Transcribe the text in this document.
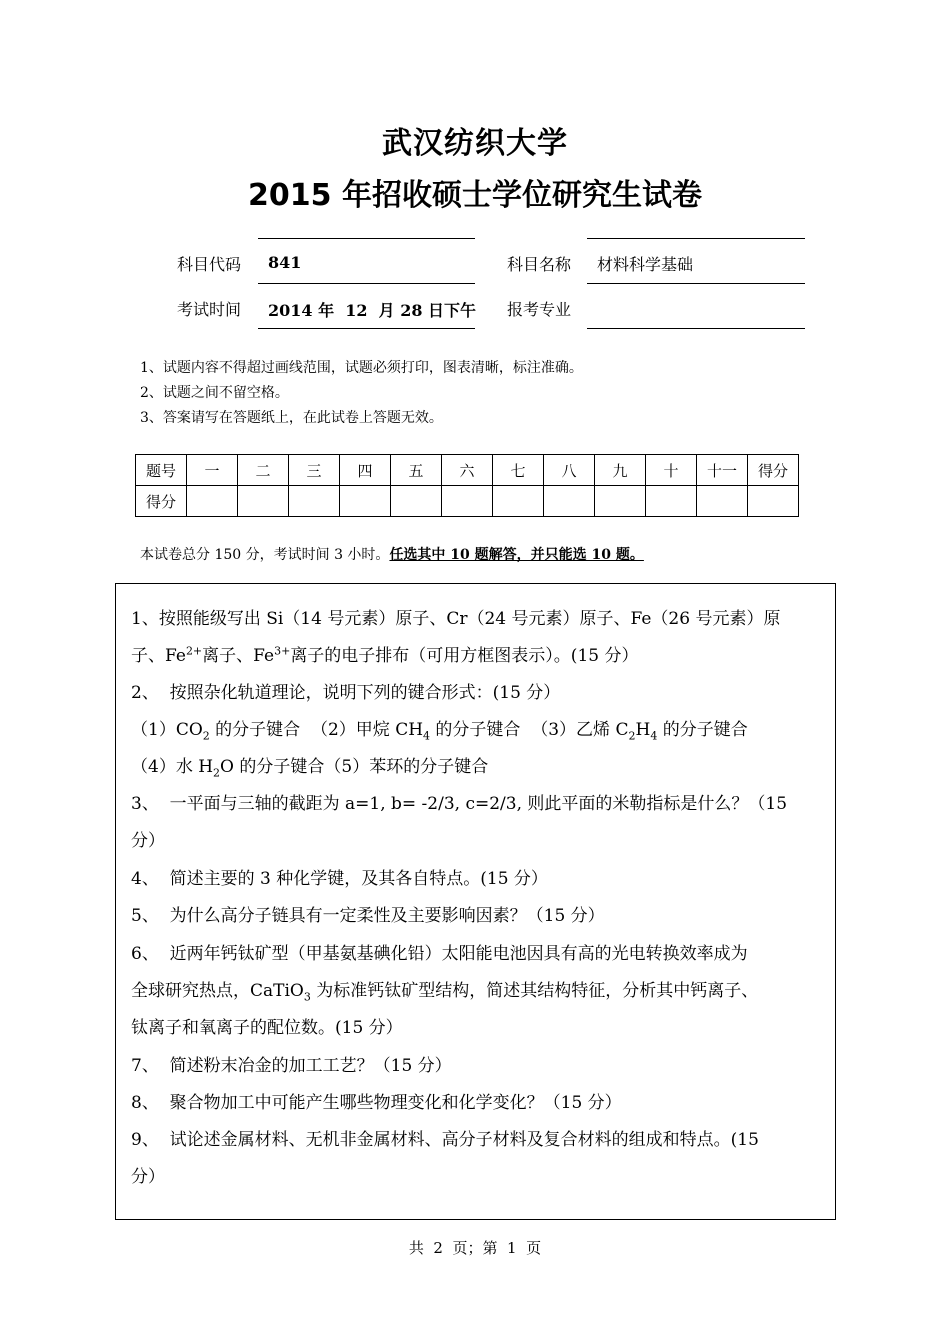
武汉纺织大学
2015 年招收硕士学位研究生试卷
科目代码 841	科目名称 材料科学基础
考试时间 2014 年  12  月 28 日下午 报考专业
1、试题内容不得超过画线范围，试题必须打印，图表清晰，标注准确。
2、试题之间不留空格。
3、答案请写在答题纸上，在此试卷上答题无效。
题号	一	二	三	四	五	六	七	八	九	十	十一	得分
得分												
本试卷总分 150 分，考试时间 3 小时。任选其中 10 题解答，并只能选 10 题。
1、按照能级写出 Si（14 号元素）原子、Cr（24 号元素）原子、Fe（26 号元素）原
子、$Fe^{2+}$离子、$Fe^{3+}$离子的电子排布（可用方框图表示）。(15 分）
2、  按照杂化轨道理论，说明下列的键合形式：(15 分）
$(1)CO_2$ 的分子键合  （2）甲烷 $CH_4$ 的分子键合  （3）乙烯 $C_2H_4$ 的分子键合
（4）水 $H_2O$ 的分子键合（5）苯环的分子键合
3、  一平面与三轴的截距为 a=1, b= -2/3, c=2/3, 则此平面的米勒指标是什么？（15
分）
4、  简述主要的 3 种化学键，及其各自特点。(15 分）
5、  为什么高分子链具有一定柔性及主要影响因素？（15 分）
6、  近两年钙钛矿型（甲基氨基碘化铅）太阳能电池因具有高的光电转换效率成为
全球研究热点，CaTiO$_3$ 为标准钙钛矿型结构，简述其结构特征，分析其中钙离子、
钛离子和氧离子的配位数。(15 分）
7、  简述粉末冶金的加工工艺？（15 分）
8、  聚合物加工中可能产生哪些物理变化和化学变化？（15 分）
9、  试论述金属材料、无机非金属材料、高分子材料及复合材料的组成和特点。(15
分）
共  2  页；第  1  页
